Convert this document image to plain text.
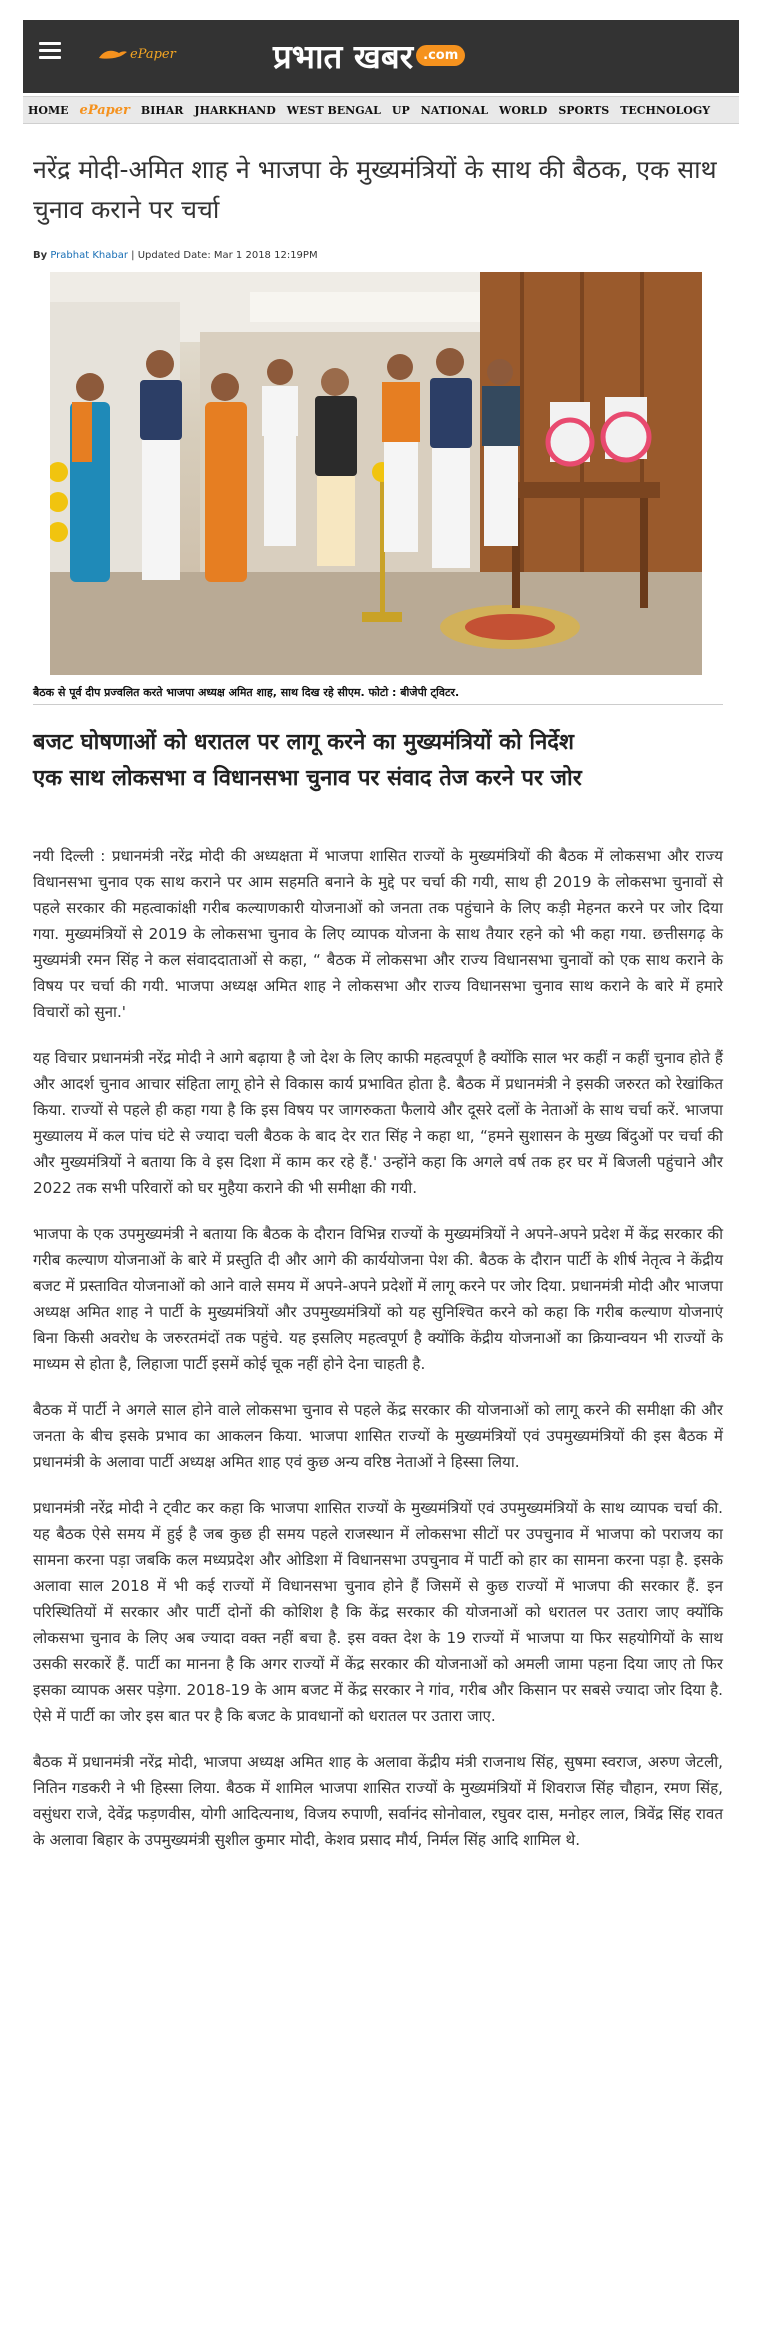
ePaper	प्रभात खबर .com
HOME ePaper BIHAR JHARKHAND WEST BENGAL UP NATIONAL WORLD SPORTS TECHNOLOGY
नरेंद्र मोदी-अमित शाह ने भाजपा के मुख्यमंत्रियों के साथ की बैठक, एक साथ चुनाव कराने पर चर्चा
By Prabhat Khabar | Updated Date: Mar 1 2018 12:19PM
बैठक से पूर्व दीप प्रज्वलित करते भाजपा अध्यक्ष अमित शाह, साथ दिख रहे सीएम. फोटो : बीजेपी ट्विटर.
बजट घोषणाओं को धरातल पर लागू करने का मुख्यमंत्रियों को निर्देश
एक साथ लोकसभा व विधानसभा चुनाव पर संवाद तेज करने पर जोर

नयी दिल्ली : प्रधानमंत्री नरेंद्र मोदी की अध्यक्षता में भाजपा शासित राज्यों के मुख्यमंत्रियों की बैठक में लोकसभा और राज्य विधानसभा चुनाव एक साथ कराने पर आम सहमति बनाने के मुद्दे पर चर्चा की गयी, साथ ही 2019 के लोकसभा चुनावों से पहले सरकार की महत्वाकांक्षी गरीब कल्याणकारी योजनाओं को जनता तक पहुंचाने के लिए कड़ी मेहनत करने पर जोर दिया गया. मुख्यमंत्रियों से 2019 के लोकसभा चुनाव के लिए व्यापक योजना के साथ तैयार रहने को भी कहा गया. छत्तीसगढ़ के मुख्यमंत्री रमन सिंह ने कल संवाददाताओं से कहा, “ बैठक में लोकसभा और राज्य विधानसभा चुनावों को एक साथ कराने के विषय पर चर्चा की गयी. भाजपा अध्यक्ष अमित शाह ने लोकसभा और राज्य विधानसभा चुनाव साथ कराने के बारे में हमारे विचारों को सुना.'

यह विचार प्रधानमंत्री नरेंद्र मोदी ने आगे बढ़ाया है जो देश के लिए काफी महत्वपूर्ण है क्योंकि साल भर कहीं न कहीं चुनाव होते हैं और आदर्श चुनाव आचार संहिता लागू होने से विकास कार्य प्रभावित होता है. बैठक में प्रधानमंत्री ने इसकी जरुरत को रेखांकित किया. राज्यों से पहले ही कहा गया है कि इस विषय पर जागरुकता फैलाये और दूसरे दलों के नेताओं के साथ चर्चा करें. भाजपा मुख्यालय में कल पांच घंटे से ज्यादा चली बैठक के बाद देर रात सिंह ने कहा था, “हमने सुशासन के मुख्य बिंदुओं पर चर्चा की और मुख्यमंत्रियों ने बताया कि वे इस दिशा में काम कर रहे हैं.' उन्होंने कहा कि अगले वर्ष तक हर घर में बिजली पहुंचाने और 2022 तक सभी परिवारों को घर मुहैया कराने की भी समीक्षा की गयी.

भाजपा के एक उपमुख्यमंत्री ने बताया कि बैठक के दौरान विभिन्न राज्यों के मुख्यमंत्रियों ने अपने-अपने प्रदेश में केंद्र सरकार की गरीब कल्याण योजनाओं के बारे में प्रस्तुति दी और आगे की कार्ययोजना पेश की. बैठक के दौरान पार्टी के शीर्ष नेतृत्व ने केंद्रीय बजट में प्रस्तावित योजनाओं को आने वाले समय में अपने-अपने प्रदेशों में लागू करने पर जोर दिया. प्रधानमंत्री मोदी और भाजपा अध्यक्ष अमित शाह ने पार्टी के मुख्यमंत्रियों और उपमुख्यमंत्रियों को यह सुनिश्चित करने को कहा कि गरीब कल्याण योजनाएं बिना किसी अवरोध के जरुरतमंदों तक पहुंचे. यह इसलिए महत्वपूर्ण है क्योंकि केंद्रीय योजनाओं का क्रियान्वयन भी राज्यों के माध्यम से होता है, लिहाजा पार्टी इसमें कोई चूक नहीं होने देना चाहती है.

बैठक में पार्टी ने अगले साल होने वाले लोकसभा चुनाव से पहले केंद्र सरकार की योजनाओं को लागू करने की समीक्षा की और जनता के बीच इसके प्रभाव का आकलन किया. भाजपा शासित राज्यों के मुख्यमंत्रियों एवं उपमुख्यमंत्रियों की इस बैठक में प्रधानमंत्री के अलावा पार्टी अध्यक्ष अमित शाह एवं कुछ अन्य वरिष्ठ नेताओं ने हिस्सा लिया.

प्रधानमंत्री नरेंद्र मोदी ने ट्वीट कर कहा कि भाजपा शासित राज्यों के मुख्यमंत्रियों एवं उपमुख्यमंत्रियों के साथ व्यापक चर्चा की. यह बैठक ऐसे समय में हुई है जब कुछ ही समय पहले राजस्थान में लोकसभा सीटों पर उपचुनाव में भाजपा को पराजय का सामना करना पड़ा जबकि कल मध्यप्रदेश और ओडिशा में विधानसभा उपचुनाव में पार्टी को हार का सामना करना पड़ा है. इसके अलावा साल 2018 में भी कई राज्यों में विधानसभा चुनाव होने हैं जिसमें से कुछ राज्यों में भाजपा की सरकार हैं. इन परिस्थितियों में सरकार और पार्टी दोनों की कोशिश है कि केंद्र सरकार की योजनाओं को धरातल पर उतारा जाए क्योंकि लोकसभा चुनाव के लिए अब ज्यादा वक्त नहीं बचा है. इस वक्त देश के 19 राज्यों में भाजपा या फिर सहयोगियों के साथ उसकी सरकारें हैं. पार्टी का मानना है कि अगर राज्यों में केंद्र सरकार की योजनाओं को अमली जामा पहना दिया जाए तो फिर इसका व्यापक असर पड़ेगा. 2018-19 के आम बजट में केंद्र सरकार ने गांव, गरीब और किसान पर सबसे ज्यादा जोर दिया है. ऐसे में पार्टी का जोर इस बात पर है कि बजट के प्रावधानों को धरातल पर उतारा जाए.

बैठक में प्रधानमंत्री नरेंद्र मोदी, भाजपा अध्यक्ष अमित शाह के अलावा केंद्रीय मंत्री राजनाथ सिंह, सुषमा स्वराज, अरुण जेटली, नितिन गडकरी ने भी हिस्सा लिया. बैठक में शामिल भाजपा शासित राज्यों के मुख्यमंत्रियों में शिवराज सिंह चौहान, रमण सिंह, वसुंधरा राजे, देवेंद्र फड़णवीस, योगी आदित्यनाथ, विजय रुपाणी, सर्वानंद सोनोवाल, रघुवर दास, मनोहर लाल, त्रिवेंद्र सिंह रावत के अलावा बिहार के उपमुख्यमंत्री सुशील कुमार मोदी, केशव प्रसाद मौर्य, निर्मल सिंह आदि शामिल थे.
